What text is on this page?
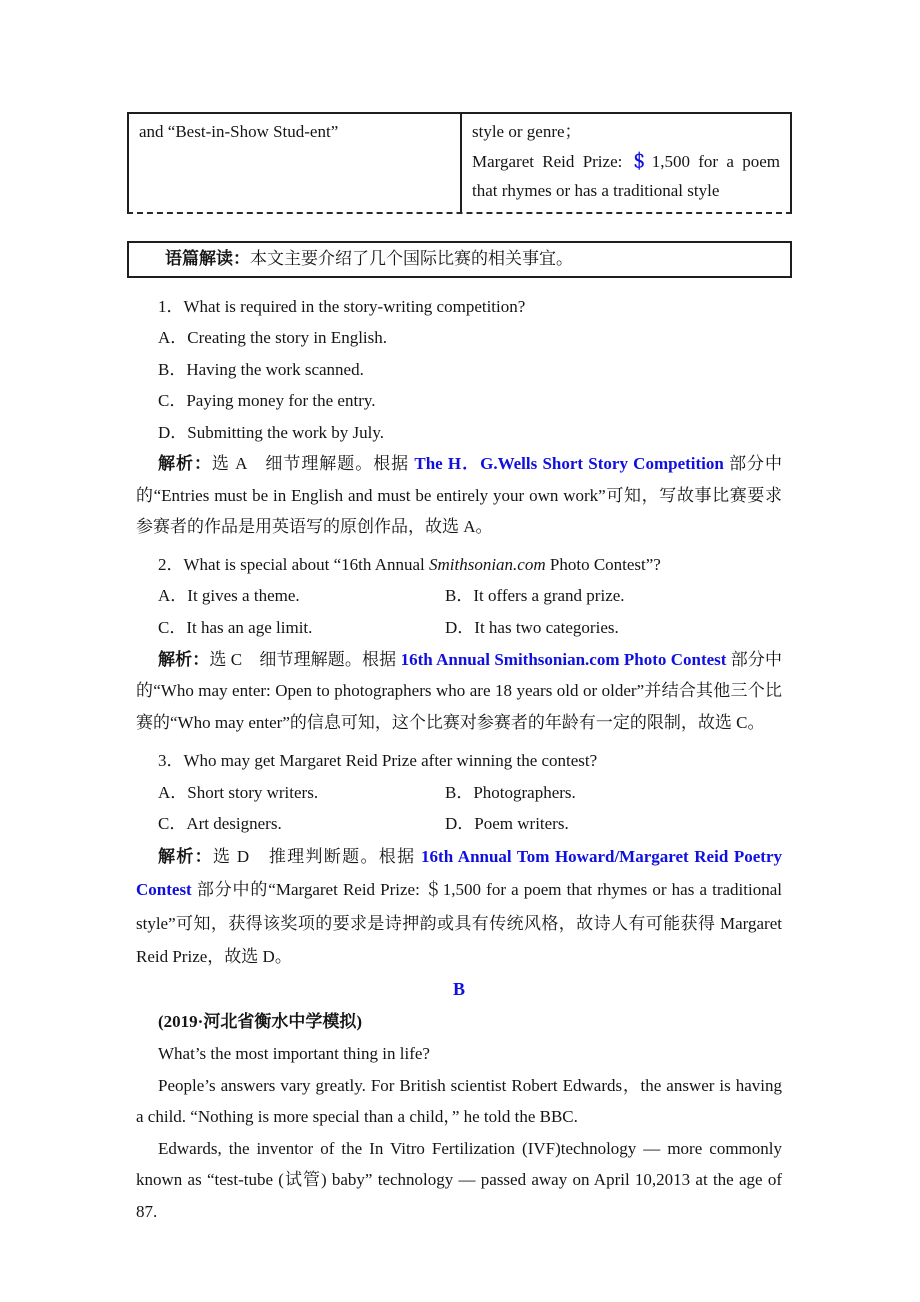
and “Best-in-Show Stud-ent”	style or genre；
Margaret Reid Prize: ＄1,500 for a poem that rhymes or has a traditional style
语篇解读：本文主要介绍了几个国际比赛的相关事宜。
1．What is required in the story-writing competition?
A．Creating the story in English.
B．Having the work scanned.
C．Paying money for the entry.
D．Submitting the work by July.
解析：选 A　细节理解题。根据 The H．G.Wells Short Story Competition 部分中的“Entries must be in English and must be entirely your own work”可知，写故事比赛要求参赛者的作品是用英语写的原创作品，故选 A。
2．What is special about “16th Annual Smithsonian.com Photo Contest”?
A．It gives a theme.	B．It offers a grand prize.
C．It has an age limit.	D．It has two categories.
解析：选 C　细节理解题。根据 16th Annual Smithsonian.com Photo Contest 部分中的“Who may enter: Open to photographers who are 18 years old or older”并结合其他三个比赛的“Who may enter”的信息可知，这个比赛对参赛者的年龄有一定的限制，故选 C。
3．Who may get Margaret Reid Prize after winning the contest?
A．Short story writers.	B．Photographers.
C．Art designers.	D．Poem writers.
解析：选 D　推理判断题。根据 16th Annual Tom Howard/Margaret Reid Poetry Contest 部分中的“Margaret Reid Prize: ＄1,500 for a poem that rhymes or has a traditional style”可知，获得该奖项的要求是诗押韵或具有传统风格，故诗人有可能获得 Margaret Reid Prize，故选 D。
B
(2019·河北省衡水中学模拟)
What’s the most important thing in life?
People’s answers vary greatly. For British scientist Robert Edwards，the answer is having a child. “Nothing is more special than a child，” he told the BBC.
Edwards, the inventor of the In Vitro Fertilization (IVF)technology — more commonly known as “test-tube (试管) baby” technology — passed away on April 10,2013 at the age of 87.
